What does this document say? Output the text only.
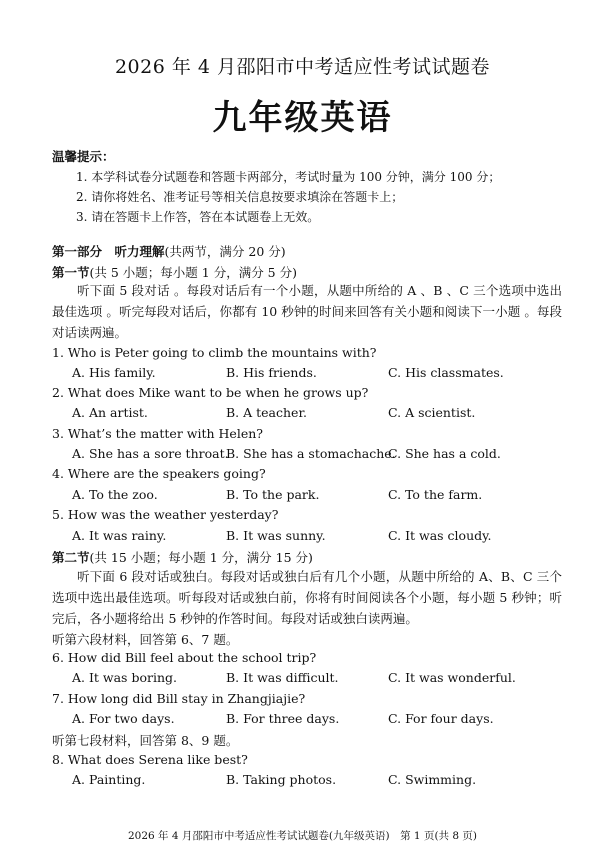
2026 年 4 月邵阳市中考适应性考试试题卷
九年级英语
温馨提示：
1. 本学科试卷分试题卷和答题卡两部分，考试时量为 100 分钟，满分 100 分；
2. 请你将姓名、准考证号等相关信息按要求填涂在答题卡上；
3. 请在答题卡上作答，答在本试题卷上无效。
第一部分　听力理解(共两节，满分 20 分)
第一节(共 5 小题；每小题 1 分，满分 5 分)
听下面 5 段对话 。每段对话后有一个小题，从题中所给的 A 、B 、C 三个选项中选出最佳选项 。听完每段对话后，你都有 10 秒钟的时间来回答有关小题和阅读下一小题 。每段对话读两遍。
1. Who is Peter going to climb the mountains with?
A. His family.	B. His friends.	C. His classmates.
2. What does Mike want to be when he grows up?
A. An artist.	B. A teacher.	C. A scientist.
3. What’s the matter with Helen?
A. She has a sore throat.
B. She has a stomachache.
C. She has a cold.
4. Where are the speakers going?
A. To the zoo.	B. To the park.	C. To the farm.
5. How was the weather yesterday?
A. It was rainy.	B. It was sunny.	C. It was cloudy.
第二节(共 15 小题；每小题 1 分，满分 15 分)
听下面 6 段对话或独白。每段对话或独白后有几个小题，从题中所给的 A、B、C 三个选项中选出最佳选项。听每段对话或独白前，你将有时间阅读各个小题，每小题 5 秒钟；听完后，各小题将给出 5 秒钟的作答时间。每段对话或独白读两遍。
听第六段材料，回答第 6、7 题。
6. How did Bill feel about the school trip?
A. It was boring.	B. It was difficult.	C. It was wonderful.
7. How long did Bill stay in Zhangjiajie?
A. For two days.	B. For three days.	C. For four days.
听第七段材料，回答第 8、9 题。
8. What does Serena like best?
A. Painting.	B. Taking photos.	C. Swimming.
2026 年 4 月邵阳市中考适应性考试试题卷(九年级英语)　第 1 页(共 8 页)
